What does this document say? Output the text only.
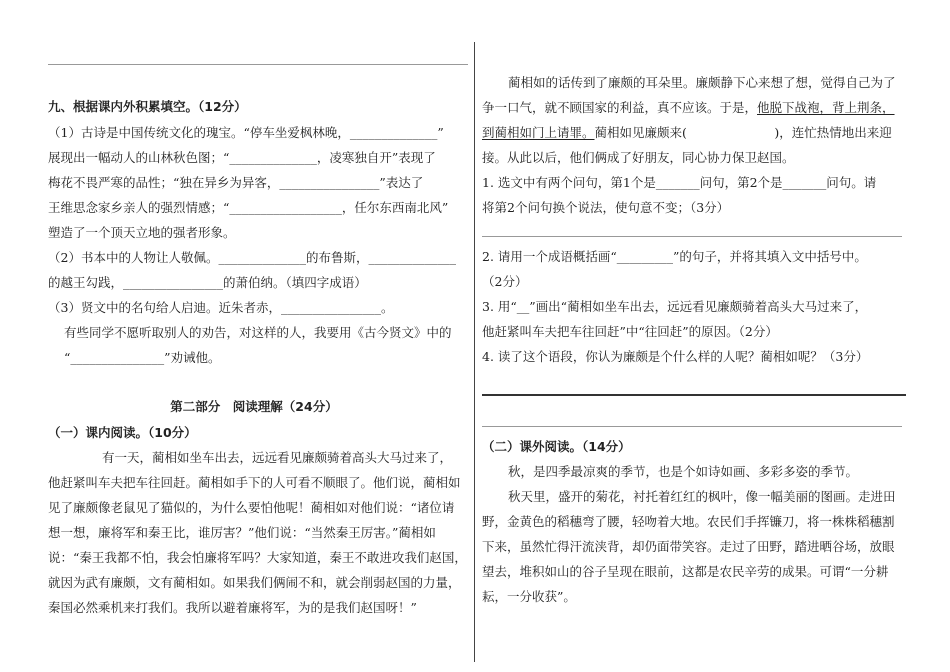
九、根据课内外积累填空。（12分）
（1）古诗是中国传统文化的瑰宝。“停车坐爱枫林晚，______________”
展现出一幅动人的山林秋色图；“______________，凌寒独自开”表现了
梅花不畏严寒的品性；“独在异乡为异客，________________”表达了
王维思念家乡亲人的强烈情感；“__________________，任尔东西南北风”
塑造了一个顶天立地的强者形象。
（2）书本中的人物让人敬佩。______________的布鲁斯，______________
的越王勾践，________________的萧伯纳。（填四字成语）
（3）贤文中的名句给人启迪。近朱者赤，________________。
有些同学不愿听取别人的劝告，对这样的人，我要用《古今贤文》中的
“_______________”劝诫他。
第二部分　阅读理解（24分）
（一）课内阅读。（10分）
有一天，蔺相如坐车出去，远远看见廉颇骑着高头大马过来了，
他赶紧叫车夫把车往回赶。蔺相如手下的人可看不顺眼了。他们说，蔺相如
见了廉颇像老鼠见了猫似的，为什么要怕他呢！蔺相如对他们说：“诸位请
想一想，廉将军和秦王比，谁厉害？”他们说：“当然秦王厉害。”蔺相如
说：“秦王我都不怕，我会怕廉将军吗？大家知道，秦王不敢进攻我们赵国，
就因为武有廉颇，文有蔺相如。如果我们俩闹不和，就会削弱赵国的力量，
秦国必然乘机来打我们。我所以避着廉将军，为的是我们赵国呀！”
蔺相如的话传到了廉颇的耳朵里。廉颇静下心来想了想，觉得自己为了
争一口气，就不顾国家的利益，真不应该。于是，他脱下战袍，背上荆条，
到蔺相如门上请罪。蔺相如见廉颇来(　　　　　　　)，连忙热情地出来迎
接。从此以后，他们俩成了好朋友，同心协力保卫赵国。
1. 选文中有两个问句，第1个是_______问句，第2个是_______问句。请
将第2个问句换个说法，使句意不变；（3分）
2. 请用一个成语概括画“_________”的句子，并将其填入文中括号中。
（2分）
3. 用“__”画出“蔺相如坐车出去，远远看见廉颇骑着高头大马过来了，
他赶紧叫车夫把车往回赶”中“往回赶”的原因。（2分）
4. 读了这个语段，你认为廉颇是个什么样的人呢？蔺相如呢？（3分）
（二）课外阅读。（14分）
秋，是四季最凉爽的季节，也是个如诗如画、多彩多姿的季节。
秋天里，盛开的菊花，衬托着红红的枫叶，像一幅美丽的图画。走进田
野，金黄色的稻穗弯了腰，轻吻着大地。农民们手挥镰刀，将一株株稻穗割
下来，虽然忙得汗流浃背，却仍面带笑容。走过了田野，踏进晒谷场，放眼
望去，堆积如山的谷子呈现在眼前，这都是农民辛劳的成果。可谓“一分耕
耘，一分收获”。
